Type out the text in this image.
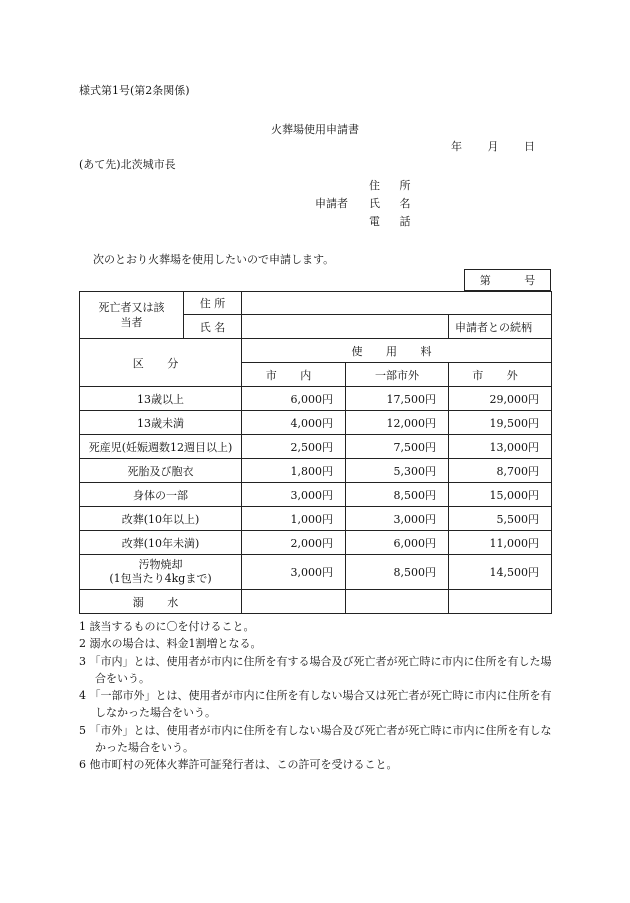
様式第1号(第2条関係)
火葬場使用申請書
年 月 日
(あて先)北茨城市長
住 所
申請者 氏 名
電 話
次のとおり火葬場を使用したいので申請します。
第 号
死亡者又は該当者	住 所			
	氏 名			申請者との続柄
区 分		使 用 料		
		市 内	一部市外	市 外
13歳以上		6,000円	17,500円	29,000円
13歳未満		4,000円	12,000円	19,500円
死産児(妊娠週数12週目以上)		2,500円	7,500円	13,000円
死胎及び胞衣		1,800円	5,300円	8,700円
身体の一部		3,000円	8,500円	15,000円
改葬(10年以上)		1,000円	3,000円	5,500円
改葬(10年未満)		2,000円	6,000円	11,000円

汚物焼却
(1包当たり4kgまで)		3,000円	8,500円	14,500円
溺 水				
1 該当するものに〇を付けること。
2 溺水の場合は、料金1割増となる。
3 「市内」とは、使用者が市内に住所を有する場合及び死亡者が死亡時に市内に住所を有した場合をいう。
4 「一部市外」とは、使用者が市内に住所を有しない場合又は死亡者が死亡時に市内に住所を有しなかった場合をいう。
5 「市外」とは、使用者が市内に住所を有しない場合及び死亡者が死亡時に市内に住所を有しなかった場合をいう。
6 他市町村の死体火葬許可証発行者は、この許可を受けること。
